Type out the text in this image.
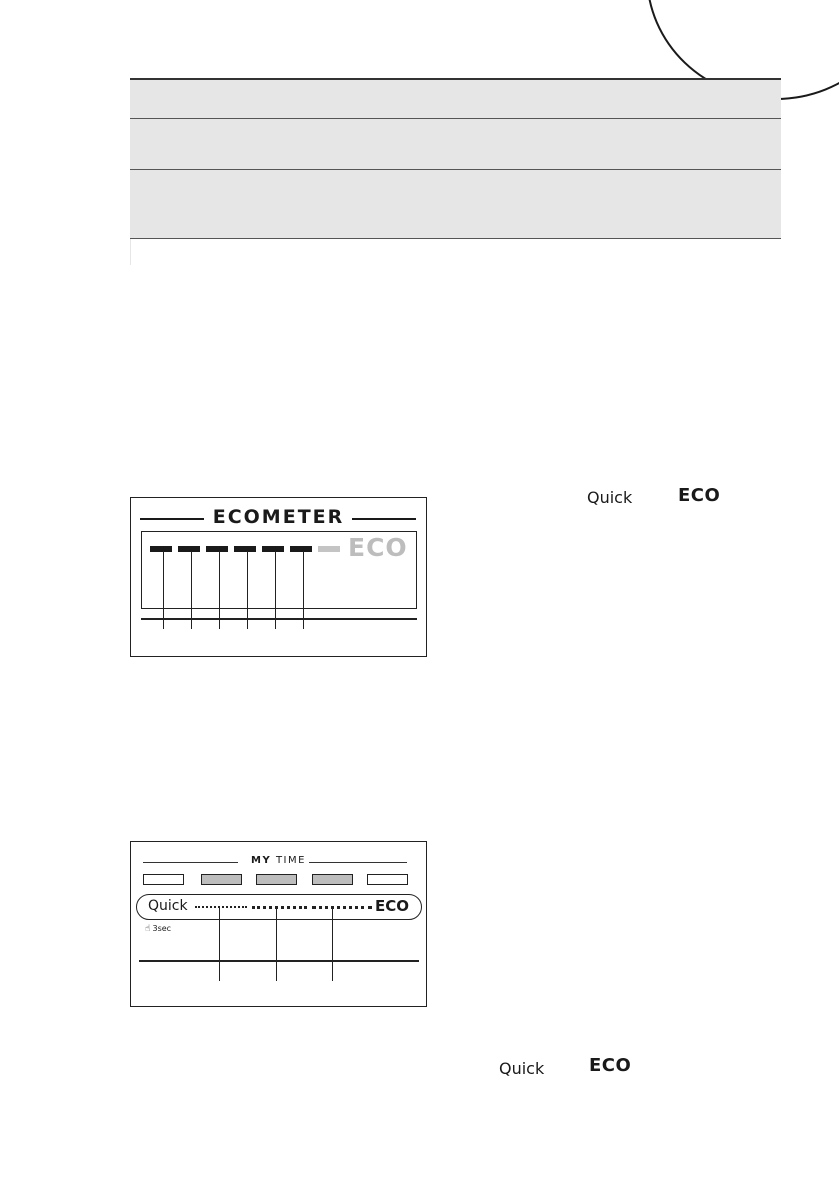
ECOMETER
ECO
MY TIME
Quick	ECO
☝ 3sec
Quick	ECO
Quick ECO
